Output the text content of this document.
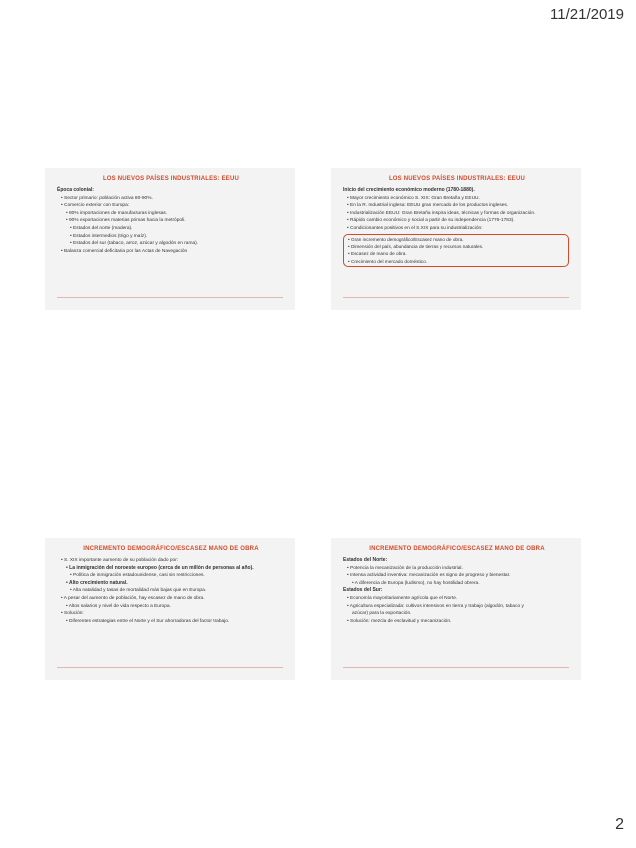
11/21/2019
LOS NUEVOS PAÍSES INDUSTRIALES: EEUU
Época colonial:
• Sector primario: población activa 80-90%.
• Comercio exterior con Europa:
• 80% importaciones de manufacturas inglesas.
• 90% exportaciones materias primas hacia la metrópoli.
• Estados del norte (madera).
• Estados intermedios (trigo y maíz).
• Estados del sur (tabaco, arroz, azúcar y algodón en rama).
• Balanza comercial deficitaria por las Actas de Navegación
LOS NUEVOS PAÍSES INDUSTRIALES: EEUU
Inicio del crecimiento económico moderno (1780-1880).
• Mayor crecimiento económico S. XIX: Gran Bretaña y EEUU.
• En la R. Industrial inglesa: EEUU gran mercado de los productos ingleses.
• Industrialización EEUU: Gran Bretaña inspira ideas, técnicas y formas de organización.
• Rápido cambio económico y social a partir de su independencia (1776-1783).
• Condicionantes positivos en el S.XIX para su industrialización:
• Gran incremento demográfico/Escasez mano de obra.
• Dimensión del país, abundancia de tierras y recursos naturales.
• Escasez de mano de obra.
• Crecimiento del mercado doméstico.
INCREMENTO DEMOGRÁFICO/ESCASEZ MANO DE OBRA
• S. XIX importante aumento de su población dado por:
• La inmigración del noroeste europeo (cerca de un millón de personas al año).
• Política de inmigración estadounidense, casi sin restricciones.
• Alto crecimiento natural.
• Alta natalidad y tasas de mortalidad más bajas que en Europa.
• A pesar del aumento de población, hay escasez de mano de obra.
• Altos salarios y nivel de vida respecto a Europa.
• Solución:
• Diferentes estrategias entre el Norte y el Sur ahorradoras del factor trabajo.
INCREMENTO DEMOGRÁFICO/ESCASEZ MANO DE OBRA
Estados del Norte:
• Potencia la mecanización de la producción industrial.
• Intensa actividad inventiva: mecanización es signo de progreso y bienestar.
• A diferencia de Europa (ludismo), no hay hostilidad obrera.
Estados del Sur:
• Economía mayoritariamente agrícola que el Norte.
• Agricultura especializada: cultivos intensivos en tierra y trabajo (algodón, tabaco y
azúcar) para la exportación.
• Solución: mezcla de esclavitud y mecanización.
2
